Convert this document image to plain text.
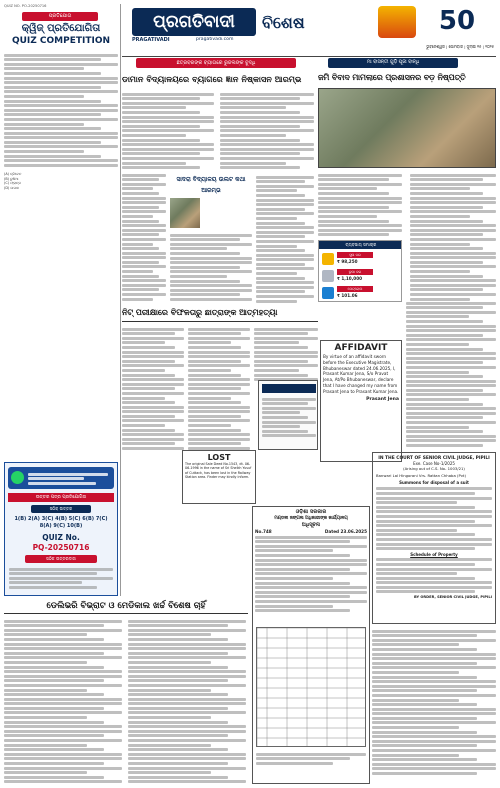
QUIZ NO. PO-20250716
ପ୍ରତିଯୋଗ
କ୍ୱିଜ୍ ପ୍ରତିଯୋଗିତା
QUIZ COMPETITION
(A) ବ୍ରିଟେନ
(B) ରୁଷିଆ
(C) ଫ୍ରାନ୍ସ
(D) ଜାପାନ
ଉତ୍ତର ପତ୍ର ପ୍ରତିଯୋଗିତା
ସଠିକ୍ ଉତ୍ତର
1(B) 2(A) 3(C) 4(B) 5(C) 6(B) 7(C) 8(A) 9(C) 10(B)
QUIZ No.
PQ-20250716
ସଠିକ ଉତ୍ତରଦାତା
ଡେଲିଭରି ବିଭ୍ରାଟ ଓ ମେଡିକାଲ ଖର୍ଚ୍ଚ ବିଶେଷ ଚାହିଁ
ପ୍ରଗତିବାଦୀ
PRAGATIVADI	pragativadi.com
ବିଶେଷ	50
ଭୁବନେଶ୍ୱର | ସୋମବାର | ଜୁଲାଇ ୧୫ | ୨୦୨୫
ଛତ୍ରବରଙ୍କ ବ୍ୟାଗରେ ରୁଜଲଙ୍କ ବୁଦ୍ଧି
ଡାମାନ ବିଦ୍ୟାଳୟରେ ବ୍ୟାଗରେ ଜ୍ଞାନ ନିଷ୍କାସନ ଆରମ୍ଭ
ମା ବାସନ୍ତୀ ଗୁଡ଼ି ପୂଜା ବାନ୍ଧି
ଜମି ବିବାଦ ମାମଲାରେ ପ୍ରଶାସନର ବଡ଼ ନିଷ୍ପତ୍ତି
ସାଦରା ବିଦ୍ୟାଳୟ ଉଲଟ କଥା ଆରମ୍ଭ
ବ୍ୟବସାୟ ସମାଚାର
ସୁନା ଦର
₹ 98,250
ରୂପା ଦର
₹ 1,10,000
ପେଟ୍ରୋଲ
₹ 101.06
ନିଟ୍ ପରୀକ୍ଷାରେ ବିଫଳତାରୁ ଛାତ୍ରାଙ୍କ ଆତ୍ମହତ୍ୟା
LOST
The original Sale Deed No.1543, dt. 06-06-1996 in the name of Sri Sheikh Yusuf of Cuttack, has been lost in the Railway Station area. Finder may kindly inform.
AFFIDAVIT
By virtue of an affidavit sworn before the Executive Magistrate, Bhubaneswar dated 24.06.2025, I, Prasant Kumar Jena, S/o Pravat Jena, At/Po Bhubaneswar, declare that I have changed my name from Prasant Jena to Prasant Kumar Jena.
Prasant Jena
IN THE COURT OF SENIOR CIVIL JUDGE, PIPILI
Exe. Case No-1/2025
(Arising out of C.S. No- 1003/21)
Banwari Lal Hingorani Vrs. Rattan Chhaba (Pvt)
Summons for disposal of a suit
Schedule of Property
BY ORDER, SENIOR CIVIL JUDGE, PIPILI
ଓଡ଼ିଶା ସରକାର
ମଣ୍ଡଳୀ ଜଙ୍ଗଲ ଅଧିକାରୀଙ୍କ କାର୍ଯ୍ୟାଳୟ
ଅଧିସୂଚନା
No.748	Dated 23.06.2025
